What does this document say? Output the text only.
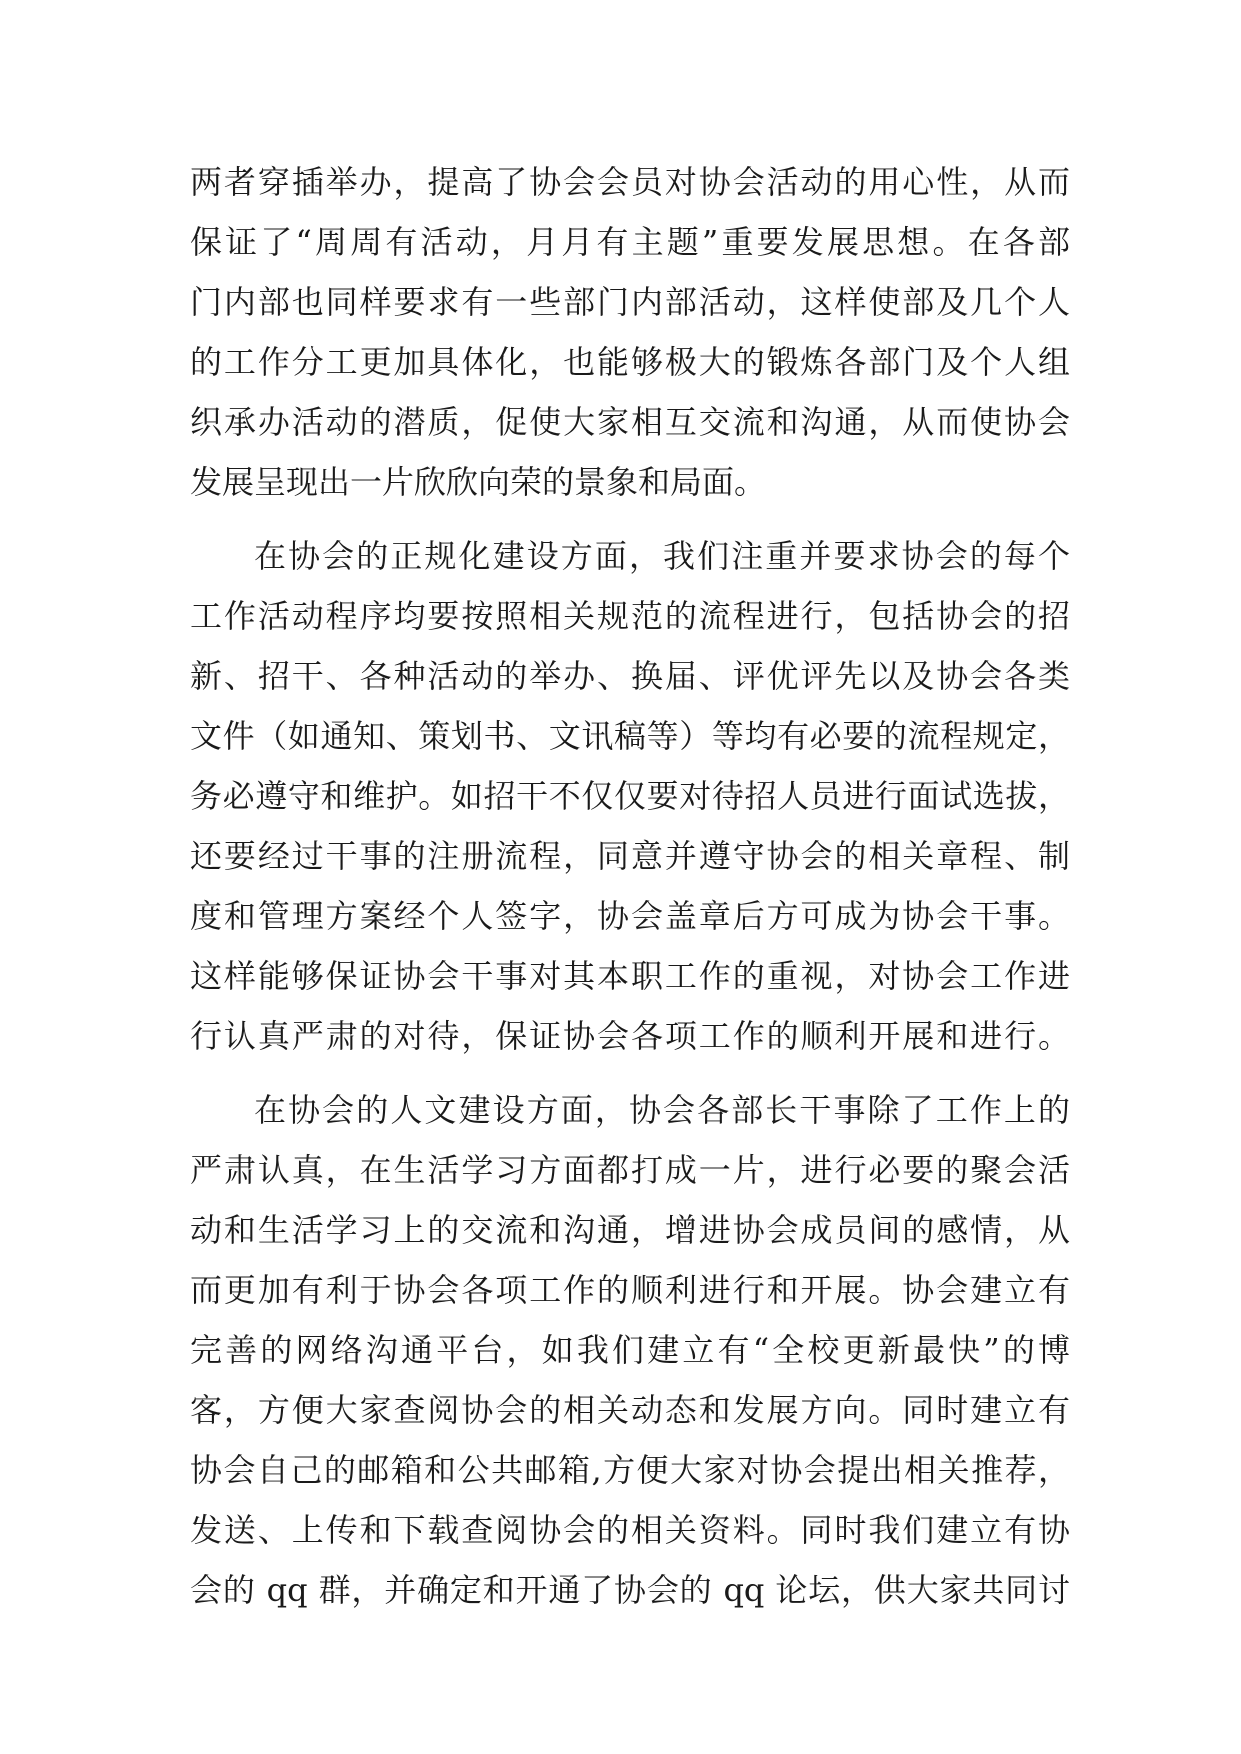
两者穿插举办，提高了协会会员对协会活动的用心性，从而
保证了“周周有活动，月月有主题”重要发展思想。在各部
门内部也同样要求有一些部门内部活动，这样使部及几个人
的工作分工更加具体化，也能够极大的锻炼各部门及个人组
织承办活动的潜质，促使大家相互交流和沟通，从而使协会
发展呈现出一片欣欣向荣的景象和局面。
在协会的正规化建设方面，我们注重并要求协会的每个
工作活动程序均要按照相关规范的流程进行，包括协会的招
新、招干、各种活动的举办、换届、评优评先以及协会各类
文件（如通知、策划书、文讯稿等）等均有必要的流程规定，
务必遵守和维护。如招干不仅仅要对待招人员进行面试选拔，
还要经过干事的注册流程，同意并遵守协会的相关章程、制
度和管理方案经个人签字，协会盖章后方可成为协会干事。
这样能够保证协会干事对其本职工作的重视，对协会工作进
行认真严肃的对待，保证协会各项工作的顺利开展和进行。
在协会的人文建设方面，协会各部长干事除了工作上的
严肃认真，在生活学习方面都打成一片，进行必要的聚会活
动和生活学习上的交流和沟通，增进协会成员间的感情，从
而更加有利于协会各项工作的顺利进行和开展。协会建立有
完善的网络沟通平台，如我们建立有“全校更新最快”的博
客，方便大家查阅协会的相关动态和发展方向。同时建立有
协会自己的邮箱和公共邮箱,方便大家对协会提出相关推荐，
发送、上传和下载查阅协会的相关资料。同时我们建立有协
会的 qq 群，并确定和开通了协会的 qq 论坛，供大家共同讨
